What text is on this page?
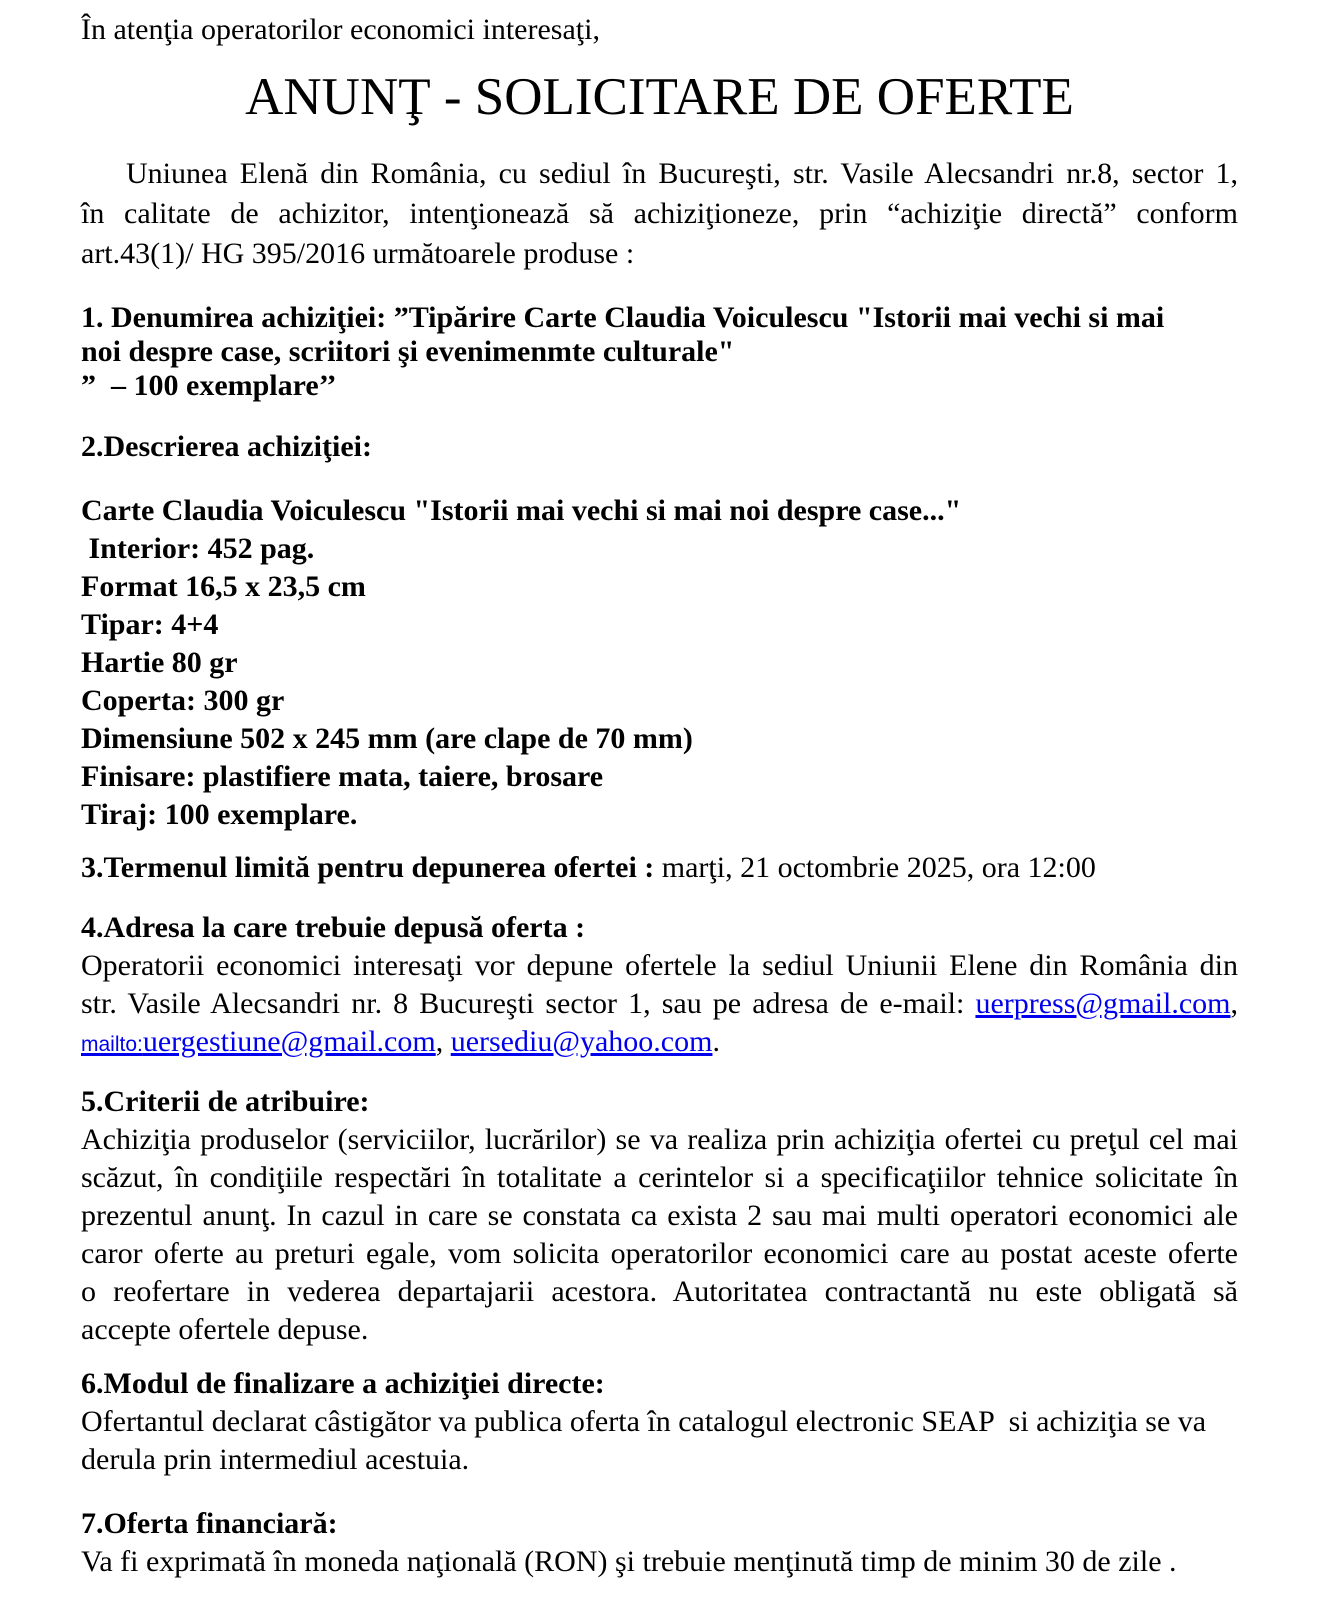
În atenţia operatorilor economici interesaţi,
ANUNŢ - SOLICITARE DE OFERTE
Uniunea Elenă din România, cu sediul în Bucureşti, str. Vasile Alecsandri nr.8, sector 1,
în calitate de achizitor, intenţionează să achiziţioneze, prin “achiziţie directă” conform
art.43(1)/ HG 395/2016 următoarele produse :
1. Denumirea achiziţiei: ”Tipărire Carte Claudia Voiculescu "Istorii mai vechi si mai
noi despre case, scriitori şi evenimenmte culturale"
”  – 100 exemplare’’
2.Descrierea achiziţiei:
Carte Claudia Voiculescu "Istorii mai vechi si mai noi despre case..."
Interior: 452 pag.
Format 16,5 x 23,5 cm
Tipar: 4+4
Hartie 80 gr
Coperta: 300 gr
Dimensiune 502 x 245 mm (are clape de 70 mm)
Finisare: plastifiere mata, taiere, brosare
Tiraj: 100 exemplare.
3.Termenul limită pentru depunerea ofertei : marţi, 21 octombrie 2025, ora 12:00
4.Adresa la care trebuie depusă oferta :
Operatorii economici interesaţi vor depune ofertele la sediul Uniunii Elene din România din
str. Vasile Alecsandri nr. 8 Bucureşti sector 1, sau pe adresa de e-mail: uerpress@gmail.com,
mailto:uergestiune@gmail.com, uersediu@yahoo.com.
5.Criterii de atribuire:
Achiziţia produselor (serviciilor, lucrărilor) se va realiza prin achiziţia ofertei cu preţul cel mai
scăzut, în condiţiile respectări în totalitate a cerintelor si a specificaţiilor tehnice solicitate în
prezentul anunţ. In cazul in care se constata ca exista 2 sau mai multi operatori economici ale
caror oferte au preturi egale, vom solicita operatorilor economici care au postat aceste oferte
o reofertare in vederea departajarii acestora. Autoritatea contractantă nu este obligată să
accepte ofertele depuse.
6.Modul de finalizare a achiziţiei directe:
Ofertantul declarat câstigător va publica oferta în catalogul electronic SEAP  si achiziţia se va
derula prin intermediul acestuia.
7.Oferta financiară:
Va fi exprimată în moneda naţională (RON) şi trebuie menţinută timp de minim 30 de zile .
